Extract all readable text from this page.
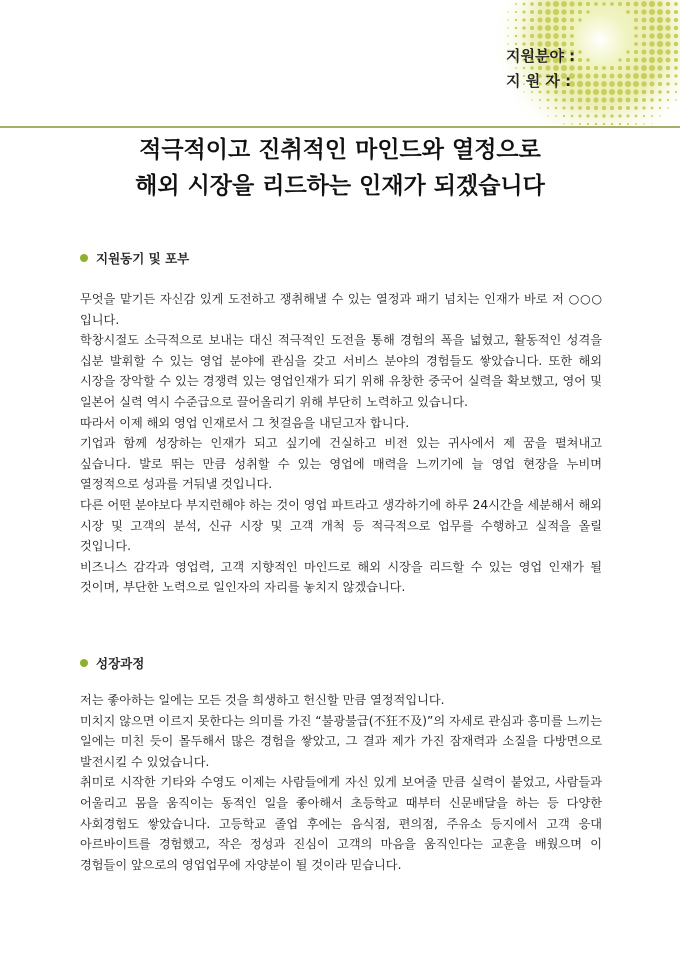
지원분야 :
지 원 자 :
적극적이고 진취적인 마인드와 열정으로
해외 시장을 리드하는 인재가 되겠습니다
지원동기 및 포부

무엇을 맡기든 자신감 있게 도전하고 쟁취해낼 수 있는 열정과 패기 넘치는 인재가 바로 저 ○○○입니다.

학창시절도 소극적으로 보내는 대신 적극적인 도전을 통해 경험의 폭을 넓혔고, 활동적인 성격을 십분 발휘할 수 있는 영업 분야에 관심을 갖고 서비스 분야의 경험들도 쌓았습니다. 또한 해외 시장을 장악할 수 있는 경쟁력 있는 영업인재가 되기 위해 유창한 중국어 실력을 확보했고, 영어 및 일본어 실력 역시 수준급으로 끌어올리기 위해 부단히 노력하고 있습니다.

따라서 이제 해외 영업 인재로서 그 첫걸음을 내딛고자 합니다.

기업과 함께 성장하는 인재가 되고 싶기에 건실하고 비전 있는 귀사에서 제 꿈을 펼쳐내고 싶습니다. 발로 뛰는 만큼 성취할 수 있는 영업에 매력을 느끼기에 늘 영업 현장을 누비며 열정적으로 성과를 거둬낼 것입니다.

다른 어떤 분야보다 부지런해야 하는 것이 영업 파트라고 생각하기에 하루 24시간을 세분해서 해외 시장 및 고객의 분석, 신규 시장 및 고객 개척 등 적극적으로 업무를 수행하고 실적을 올릴 것입니다.

비즈니스 감각과 영업력, 고객 지향적인 마인드로 해외 시장을 리드할 수 있는 영업 인재가 될 것이며, 부단한 노력으로 일인자의 자리를 놓치지 않겠습니다.

성장과정

저는 좋아하는 일에는 모든 것을 희생하고 헌신할 만큼 열정적입니다.

미치지 않으면 이르지 못한다는 의미를 가진 “불광불급(不狂不及)”의 자세로 관심과 흥미를 느끼는 일에는 미친 듯이 몰두해서 많은 경험을 쌓았고, 그 결과 제가 가진 잠재력과 소질을 다방면으로 발전시킬 수 있었습니다.

취미로 시작한 기타와 수영도 이제는 사람들에게 자신 있게 보여줄 만큼 실력이 붙었고, 사람들과 어울리고 몸을 움직이는 동적인 일을 좋아해서 초등학교 때부터 신문배달을 하는 등 다양한 사회경험도 쌓았습니다. 고등학교 졸업 후에는 음식점, 편의점, 주유소 등지에서 고객 응대 아르바이트를 경험했고, 작은 정성과 진심이 고객의 마음을 움직인다는 교훈을 배웠으며 이 경험들이 앞으로의 영업업무에 자양분이 될 것이라 믿습니다.
